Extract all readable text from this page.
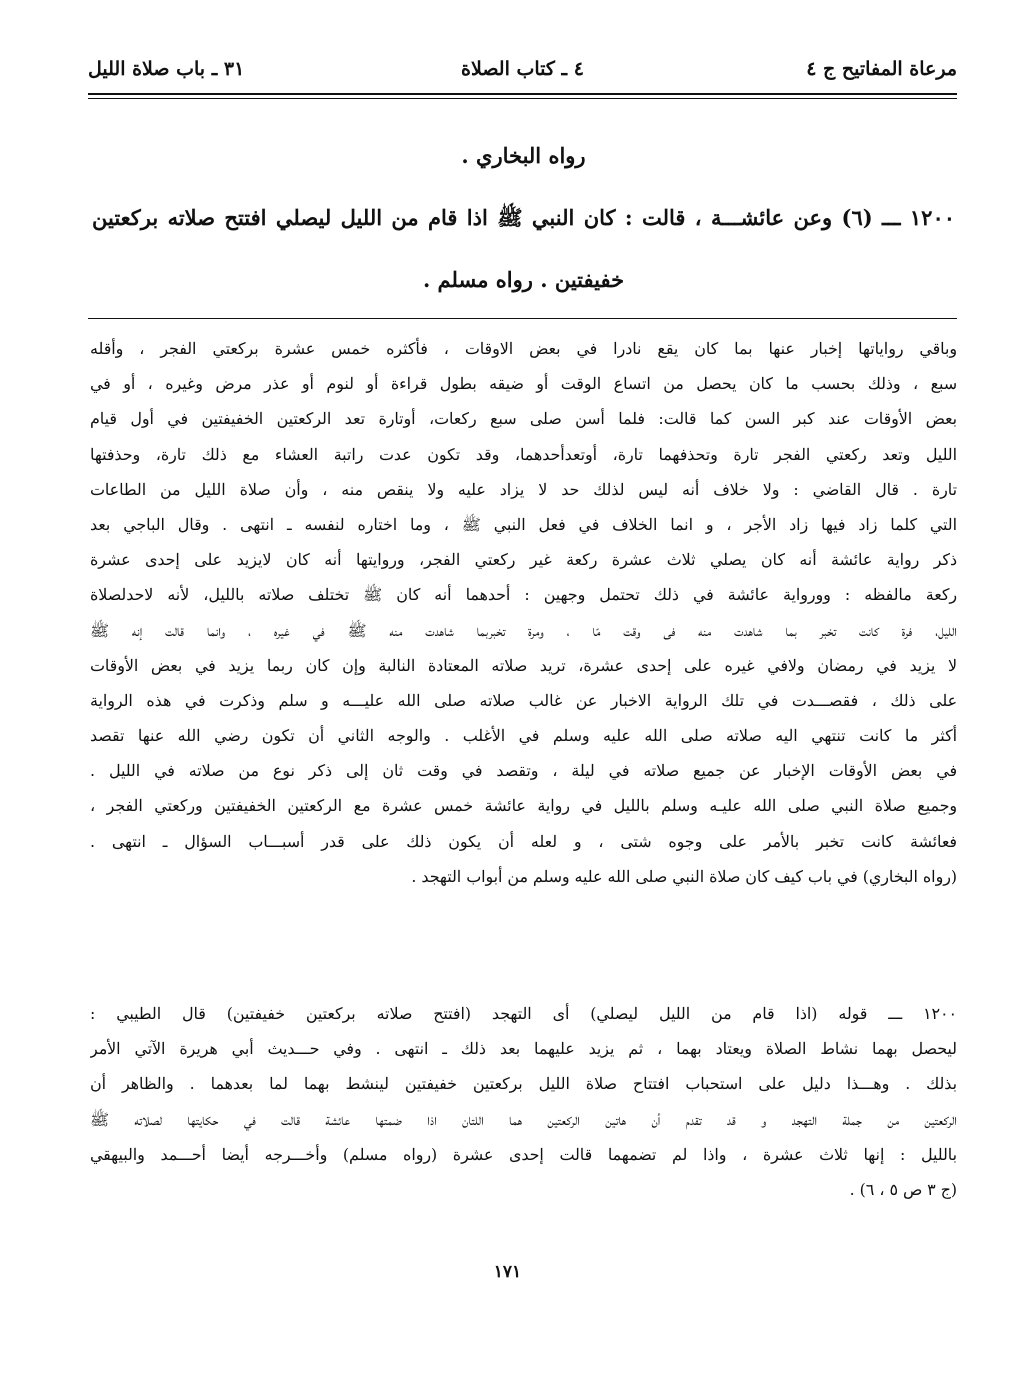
مرعاة المفاتيح ج ٤
٤ ـ كتاب الصلاة
٣١ ـ باب صلاة الليل
رواه البخاري .
١٢٠٠ ـــ (٦) وعن عائشـــة ، قالت : كان النبي ﷺ اذا قام من الليل ليصلي افتتح صلاته بركعتين
خفيفتين . رواه مسلم .
وباقي رواياتها إخبار عنها بما كان يقع نادرا في بعض الاوقات ، فأكثره خمس عشرة بركعتي الفجر ، وأقله
سبع ، وذلك بحسب ما كان يحصل من اتساع الوقت أو ضيقه بطول قراءة أو لنوم أو عذر مرض وغيره ، أو في
بعض الأوقات عند كبر السن كما قالت: فلما أسن صلى سبع ركعات، أوتارة تعد الركعتين الخفيفتين في أول قيام
الليل وتعد ركعتي الفجر تارة وتحذفهما تارة، أوتعدأحدهما، وقد تكون عدت راتبة العشاء مع ذلك تارة، وحذفتها
تارة . قال القاضي : ولا خلاف أنه ليس لذلك حد لا يزاد عليه ولا ينقص منه ، وأن صلاة الليل من الطاعات
التي كلما زاد فيها زاد الأجر ، و انما الخلاف في فعل النبي ﷺ ، وما اختاره لنفسه ـ انتهى . وقال الباجي بعد
ذكر رواية عائشة أنه كان يصلي ثلاث عشرة ركعة غير ركعتي الفجر، وروايتها أنه كان لايزيد على إحدى عشرة
ركعة مالفظه : وورواية عائشة في ذلك تحتمل وجهين : أحدهما أنه كان ﷺ تختلف صلاته بالليل، لأنه لاحدلصلاة
الليل، فرة كانت تخبر بما شاهدت منه فى وقت مّا ، ومرة تخبربما شاهدت منه ﷺ في غيره ، وانما قالت إنه ﷺ
لا يزيد في رمضان ولافي غيره على إحدى عشرة، تريد صلاته المعتادة النالبة وإن كان ربما يزيد في بعض الأوقات
على ذلك ، فقصـــدت في تلك الرواية الاخبار عن غالب صلاته صلى الله عليـــه و سلم وذكرت في هذه الرواية
أكثر ما كانت تنتهي اليه صلاته صلى الله عليه وسلم في الأغلب . والوجه الثاني أن تكون رضي الله عنها تقصد
في بعض الأوقات الإخبار عن جميع صلاته في ليلة ، وتقصد في وقت ثان إلى ذكر نوع من صلاته في الليل .
وجميع صلاة النبي صلى الله عليـه وسلم بالليل في رواية عائشة خمس عشرة مع الركعتين الخفيفتين وركعتي الفجر ،
فعائشة كانت تخبر بالأمر على وجوه شتى ، و لعله أن يكون ذلك على قدر أسبـــاب السؤال ـ انتهى .
(رواه البخاري) في باب كيف كان صلاة النبي صلى الله عليه وسلم من أبواب التهجد .
١٢٠٠ ـــ قوله (اذا قام من الليل ليصلي) أى التهجد (افتتح صلاته بركعتين خفيفتين) قال الطيبي :
ليحصل بهما نشاط الصلاة ويعتاد بهما ، ثم يزيد عليهما بعد ذلك ـ انتهى . وفي حـــديث أبي هريرة الآتي الأمر
بذلك . وهـــذا دليل على استحباب افتتاح صلاة الليل بركعتين خفيفتين لينشط بهما لما بعدهما . والظاهر أن
الركعتين من جملة التهجد و قد تقدم أن هاتين الركعتين هما اللتان اذا ضمتها عائشة قالت في حكايتها لصلاته ﷺ
بالليل : إنها ثلاث عشرة ، واذا لم تضمهما قالت إحدى عشرة (رواه مسلم) وأخـــرجه أيضا أحـــمد والبيهقي
(ج ٣ ص ٥ ، ٦) .
١٧١
